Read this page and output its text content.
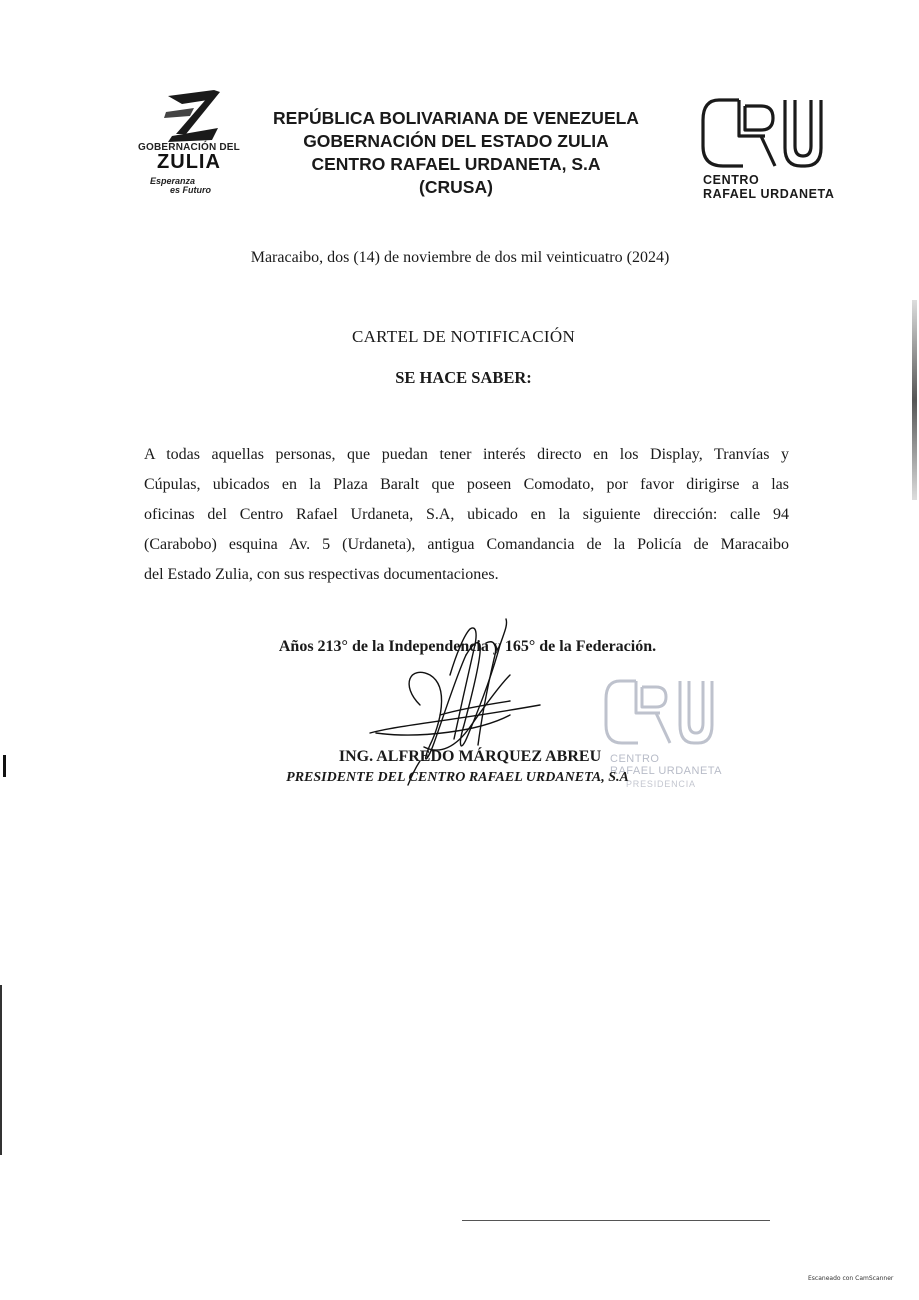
GOBERNACIÓN DEL
ZULIA
Esperanza
es Futuro
REPÚBLICA BOLIVARIANA DE VENEZUELA
GOBERNACIÓN DEL ESTADO ZULIA
CENTRO RAFAEL URDANETA, S.A
(CRUSA)	CENTRO
RAFAEL URDANETA
Maracaibo, dos (14) de noviembre de dos mil veinticuatro (2024)
CARTEL DE NOTIFICACIÓN
SE HACE SABER:
A todas aquellas personas, que puedan tener interés directo en los Display, Tranvías y
Cúpulas, ubicados en la Plaza Baralt que poseen Comodato, por favor dirigirse a las
oficinas del Centro Rafael Urdaneta, S.A, ubicado en la siguiente dirección: calle 94
(Carabobo) esquina Av. 5 (Urdaneta), antigua Comandancia de la Policía de Maracaibo
del Estado Zulia, con sus respectivas documentaciones.
Años 213° de la Independencia y 165° de la Federación.
CENTRO
RAFAEL URDANETA
PRESIDENCIA
ING. ALFREDO MÁRQUEZ ABREU
PRESIDENTE DEL CENTRO RAFAEL URDANETA, S.A
Escaneado con CamScanner
